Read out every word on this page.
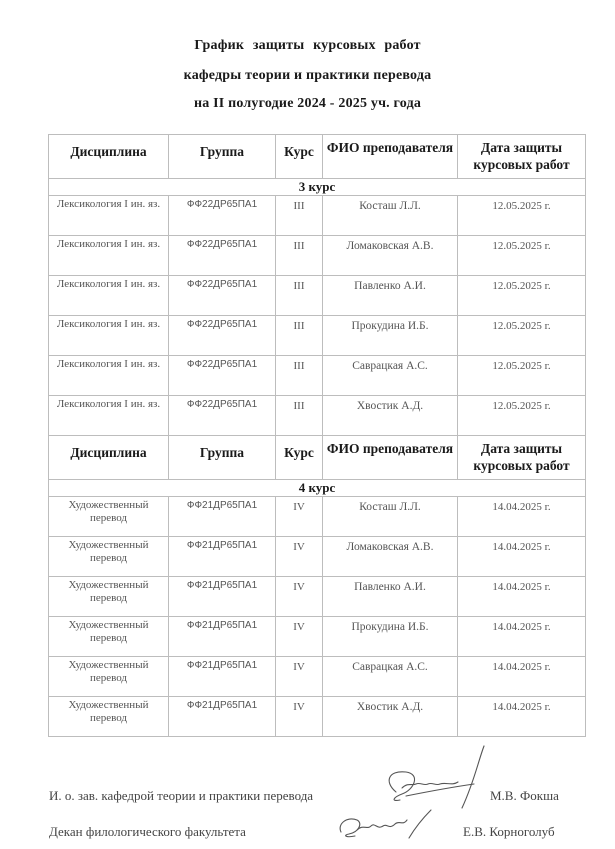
График защиты курсовых работ
кафедры теории и практики перевода
на II полугодие 2024 - 2025 уч. года
Дисциплина	Группа	Курс	ФИО преподавателя	Дата защиты курсовых работ
3 курс				
Лексикология I ин. яз.	ФФ22ДР65ПА1	III	Косташ Л.Л.	12.05.2025 г.
Лексикология I ин. яз.	ФФ22ДР65ПА1	III	Ломаковская А.В.	12.05.2025 г.
Лексикология I ин. яз.	ФФ22ДР65ПА1	III	Павленко А.И.	12.05.2025 г.
Лексикология I ин. яз.	ФФ22ДР65ПА1	III	Прокудина И.Б.	12.05.2025 г.
Лексикология I ин. яз.	ФФ22ДР65ПА1	III	Саврацкая А.С.	12.05.2025 г.
Лексикология I ин. яз.	ФФ22ДР65ПА1	III	Хвостик А.Д.	12.05.2025 г.
Дисциплина	Группа	Курс	ФИО преподавателя	Дата защиты курсовых работ
4 курс				
Художественный перевод	ФФ21ДР65ПА1	IV	Косташ Л.Л.	14.04.2025 г.
Художественный перевод	ФФ21ДР65ПА1	IV	Ломаковская А.В.	14.04.2025 г.
Художественный перевод	ФФ21ДР65ПА1	IV	Павленко А.И.	14.04.2025 г.
Художественный перевод	ФФ21ДР65ПА1	IV	Прокудина И.Б.	14.04.2025 г.
Художественный перевод	ФФ21ДР65ПА1	IV	Саврацкая А.С.	14.04.2025 г.
Художественный перевод	ФФ21ДР65ПА1	IV	Хвостик А.Д.	14.04.2025 г.
И. о. зав. кафедрой теории и практики перевода	М.В. Фокша
Декан филологического факультета	Е.В. Корноголуб
